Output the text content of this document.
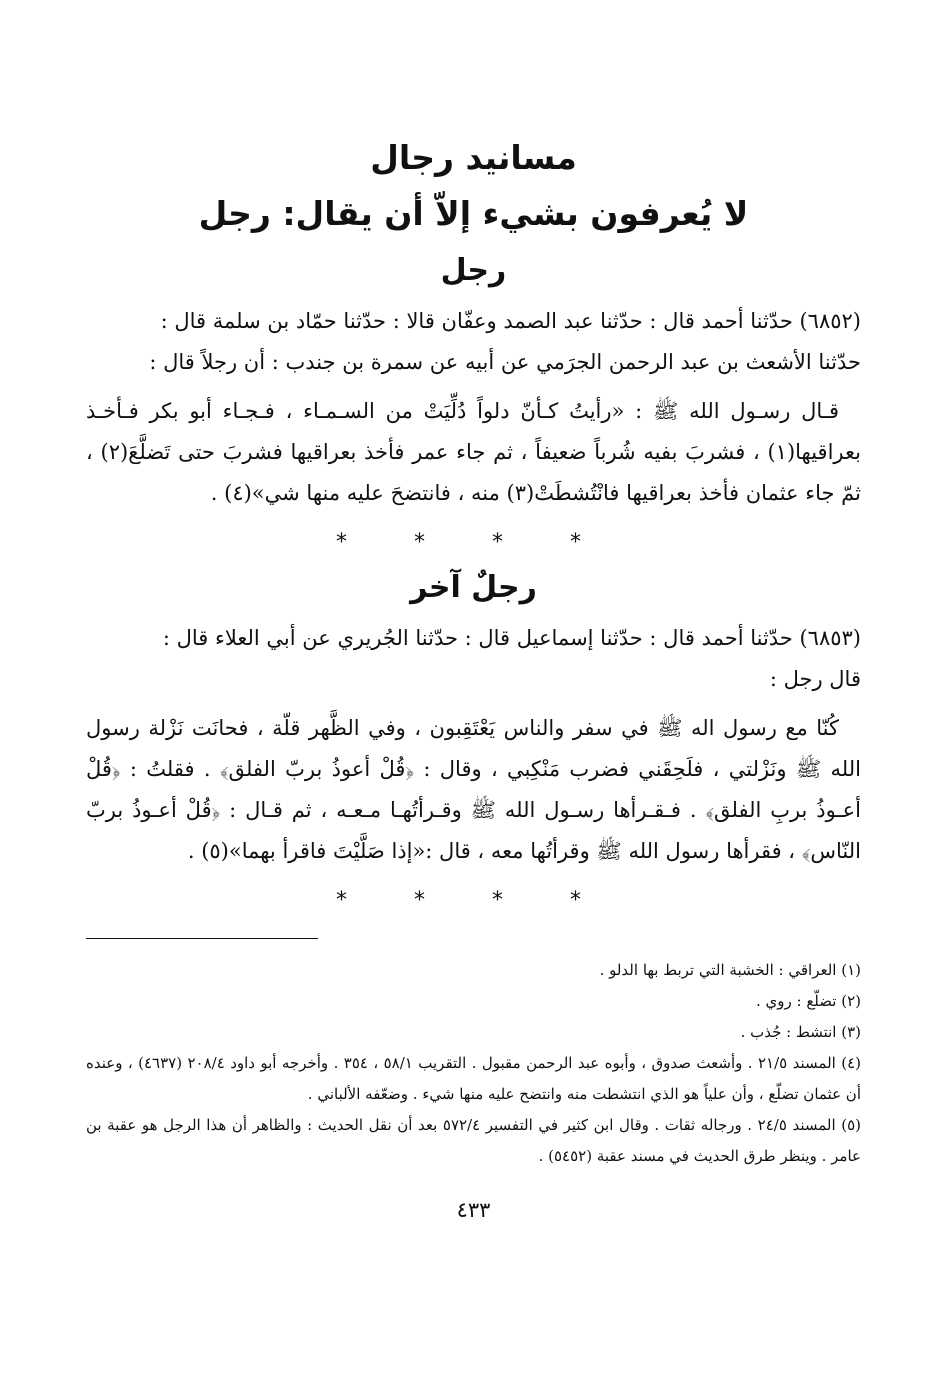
مسانيد رجال
لا يُعرفون بشيء إلاّ أن يقال: رجل
رجل

(٦٨٥٢) حدّثنا أحمد قال : حدّثنا عبد الصمد وعفّان قالا : حدّثنا حمّاد بن سلمة قال :

حدّثنا الأشعث بن عبد الرحمن الجرَمي عن أبيه عن سمرة بن جندب : أن رجلاً قال :

قـال رسـول الله ﷺ : «رأيتُ كـأنّ دلواً دُلِّيَتْ من السـمـاء ، فـجـاء أبو بكر فـأخـذ بعراقيها(١) ، فشربَ بفيه شُرباً ضعيفاً ، ثم جاء عمر فأخذ بعراقيها فشربَ حتى تَضلَّعَ(٢) ، ثمّ جاء عثمان فأخذ بعراقيها فانْتُشطَتْ(٣) منه ، فانتضحَ عليه منها شي»(٤) .

* * * *
رجلٌ آخر

(٦٨٥٣) حدّثنا أحمد قال : حدّثنا إسماعيل قال : حدّثنا الجُريري عن أبي العلاء قال :

قال رجل :

كُنّا مع رسول اله ﷺ في سفر والناس يَعْتَقِبون ، وفي الظَّهر قلّة ، فحانَت نَزْلة رسول الله ﷺ ونَزْلتي ، فلَحِقَني فضرب مَنْكِبي ، وقال : ﴿قُلْ أعوذُ بربّ الفلق﴾ . فقلتُ : ﴿قُلْ أعـوذُ بربِ الفلق﴾ . فـقـرأها رسـول الله ﷺ وقـرأتُهـا مـعـه ، ثم قـال : ﴿قُلْ أعـوذُ بربّ النّاس﴾ ، فقرأها رسول الله ﷺ وقرأتُها معه ، قال :«إذا صَلَّيْتَ فاقرأ بهما»(٥) .

* * * *

(١) العراقي : الخشبة التي تربط بها الدلو .

(٢) تضلّع : روي .

(٣) انتشط : جُذب .

(٤) المسند ٢١/٥ . وأشعث صدوق ، وأبوه عبد الرحمن مقبول . التقريب ٥٨/١ ، ٣٥٤ . وأخرجه أبو داود ٢٠٨/٤ (٤٦٣٧) ، وعنده أن عثمان تضلّع ، وأن علياً هو الذي انتشطت منه وانتضح عليه منها شيء . وضعّفه الألباني .

(٥) المسند ٢٤/٥ . ورجاله ثقات . وقال ابن كثير في التفسير ٥٧٢/٤ بعد أن نقل الحديث : والظاهر أن هذا الرجل هو عقبة بن عامر . وينظر طرق الحديث في مسند عقبة (٥٤٥٢) .

٤٣٣
